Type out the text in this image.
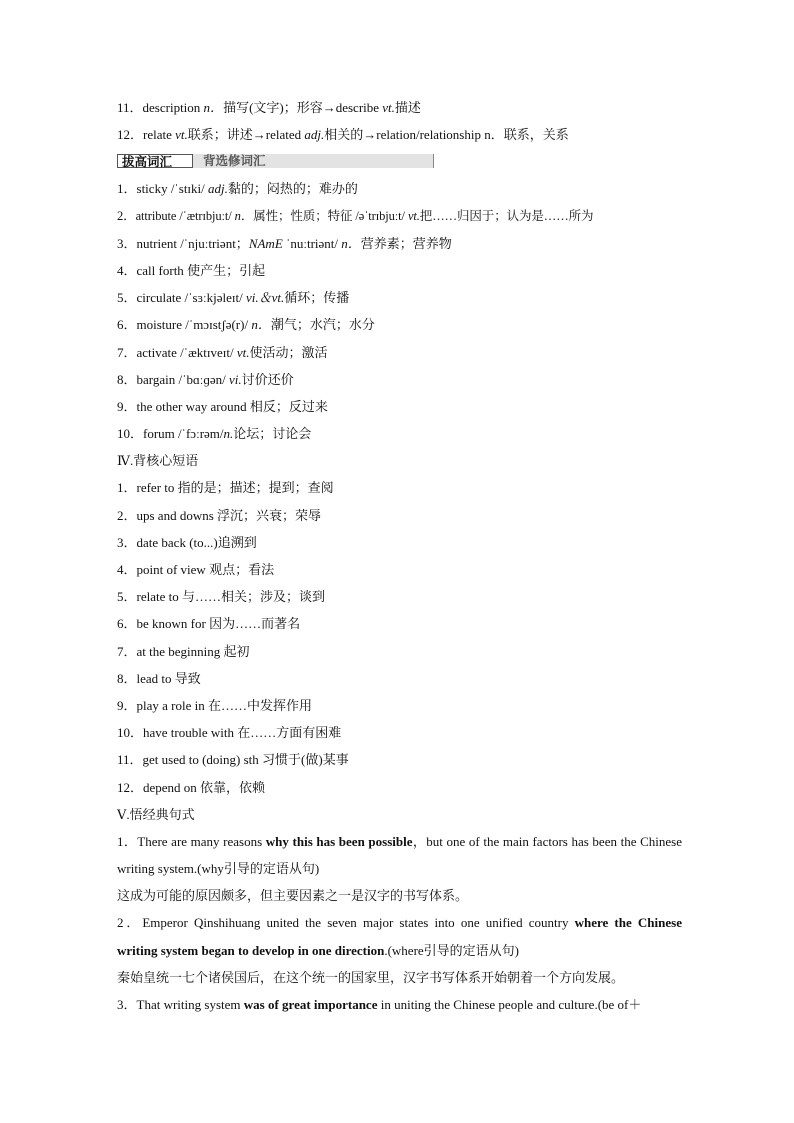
11．description n．描写(文字)；形容→describe vt.描述
12．relate vt.联系；讲述→related adj.相关的→relation/relationship n．联系，关系
拔高词汇	背选修词汇
1．sticky /ˈstɪki/ adj.黏的；闷热的；难办的
2．attribute /ˈætrɪbjuːt/ n．属性；性质；特征 /əˈtrɪbjuːt/ vt.把……归因于；认为是……所为
3．nutrient /ˈnjuːtriənt；NAmE ˈnuːtriənt/ n．营养素；营养物
4．call forth 使产生；引起
5．circulate /ˈsɜːkjəleɪt/ vi.＆vt.循环；传播
6．moisture /ˈmɔɪstʃə(r)/ n．潮气；水汽；水分
7．activate /ˈæktɪveɪt/ vt.使活动；激活
8．bargain /ˈbɑːɡən/ vi.讨价还价
9．the other way around 相反；反过来
10．forum /ˈfɔːrəm/n.论坛；讨论会
Ⅳ.背核心短语
1．refer to 指的是；描述；提到；查阅
2．ups and downs 浮沉；兴衰；荣辱
3．date back (to...)追溯到
4．point of view 观点；看法
5．relate to 与……相关；涉及；谈到
6．be known for 因为……而著名
7．at the beginning 起初
8．lead to 导致
9．play a role in 在……中发挥作用
10．have trouble with 在……方面有困难
11．get used to (doing) sth 习惯于(做)某事
12．depend on 依靠，依赖
Ⅴ.悟经典句式
1．There are many reasons why this has been possible，but one of the main factors has been the Chinese writing system.(why引导的定语从句)
这成为可能的原因颇多，但主要因素之一是汉字的书写体系。
2．Emperor Qinshihuang united the seven major states into one unified country where the Chinese writing system began to develop in one direction.(where引导的定语从句)
秦始皇统一七个诸侯国后，在这个统一的国家里，汉字书写体系开始朝着一个方向发展。
3．That writing system was of great importance in uniting the Chinese people and culture.(be of＋
